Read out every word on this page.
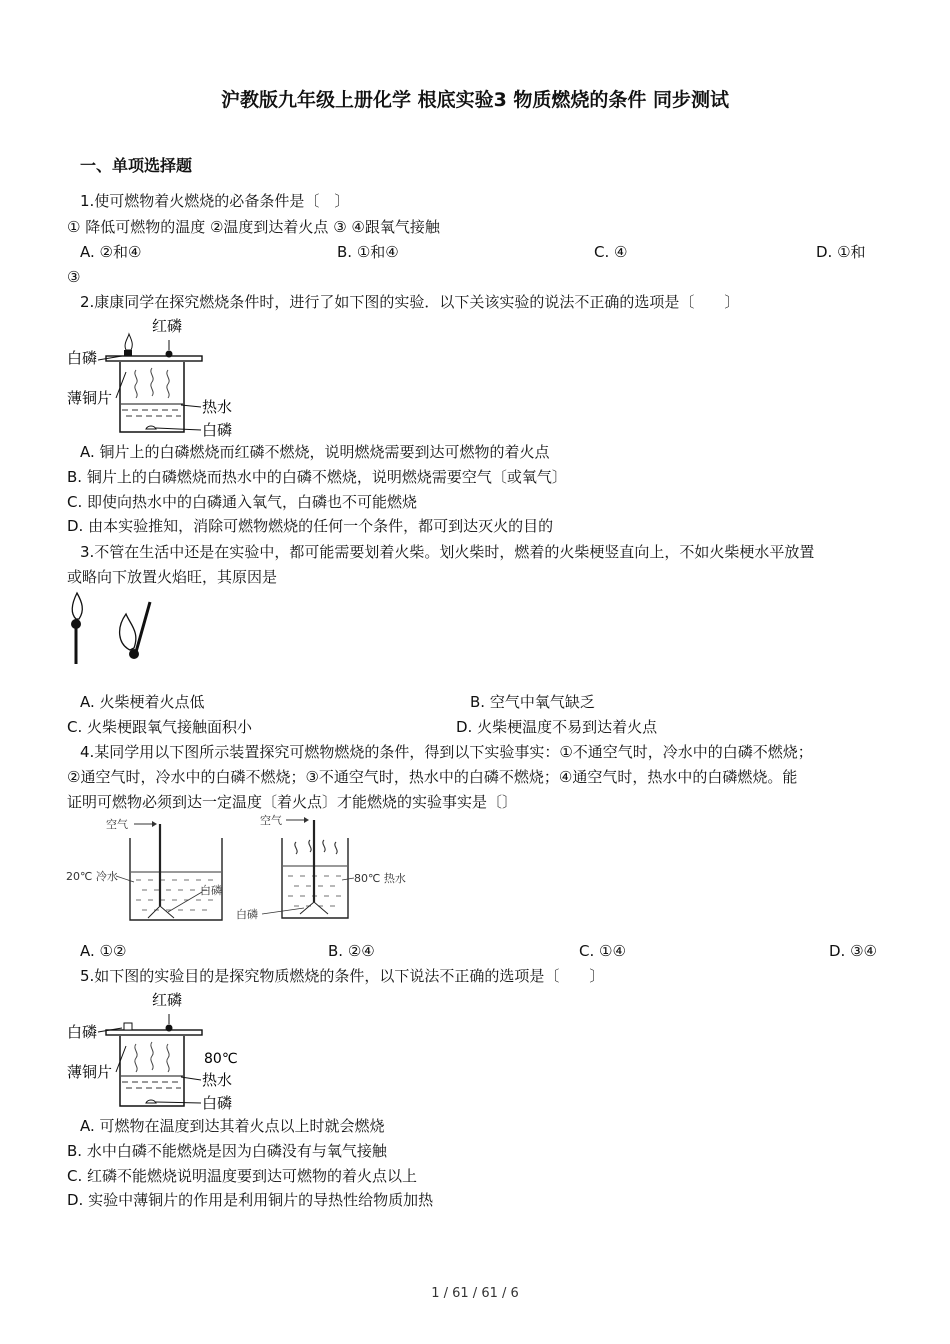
沪教版九年级上册化学 根底实验3 物质燃烧的条件 同步测试
一、单项选择题
1.使可燃物着火燃烧的必备条件是〔　〕
① 降低可燃物的温度 ②温度到达着火点 ③ ④跟氧气接触
A. ②和④	B. ①和④	C. ④	D. ①和
③
2.康康同学在探究燃烧条件时，进行了如下图的实验．以下关该实验的说法不正确的选项是〔　　〕
红磷
白磷
薄铜片	热水
白磷
A. 铜片上的白磷燃烧而红磷不燃烧，说明燃烧需要到达可燃物的着火点
B. 铜片上的白磷燃烧而热水中的白磷不燃烧，说明燃烧需要空气〔或氧气〕
C. 即使向热水中的白磷通入氧气，白磷也不可能燃烧
D. 由本实验推知，消除可燃物燃烧的任何一个条件，都可到达灭火的目的
3.不管在生活中还是在实验中，都可能需要划着火柴。划火柴时，燃着的火柴梗竖直向上，不如火柴梗水平放置
或略向下放置火焰旺，其原因是
A. 火柴梗着火点低	B. 空气中氧气缺乏
C. 火柴梗跟氧气接触面积小	D. 火柴梗温度不易到达着火点
4.某同学用以下图所示装置探究可燃物燃烧的条件，得到以下实验事实：①不通空气时，冷水中的白磷不燃烧；
②通空气时，冷水中的白磷不燃烧；③不通空气时，热水中的白磷不燃烧；④通空气时，热水中的白磷燃烧。能
证明可燃物必须到达一定温度〔着火点〕才能燃烧的实验事实是〔〕
空气
20℃ 冷水
白磷
空气
80℃ 热水
白磷
A. ①②	B. ②④	C. ①④	D. ③④
5.如下图的实验目的是探究物质燃烧的条件，以下说法不正确的选项是〔　　〕
红磷
白磷
薄铜片
80℃
热水
白磷
A. 可燃物在温度到达其着火点以上时就会燃烧
B. 水中白磷不能燃烧是因为白磷没有与氧气接触
C. 红磷不能燃烧说明温度要到达可燃物的着火点以上
D. 实验中薄铜片的作用是利用铜片的导热性给物质加热
1 / 61 / 61 / 6
